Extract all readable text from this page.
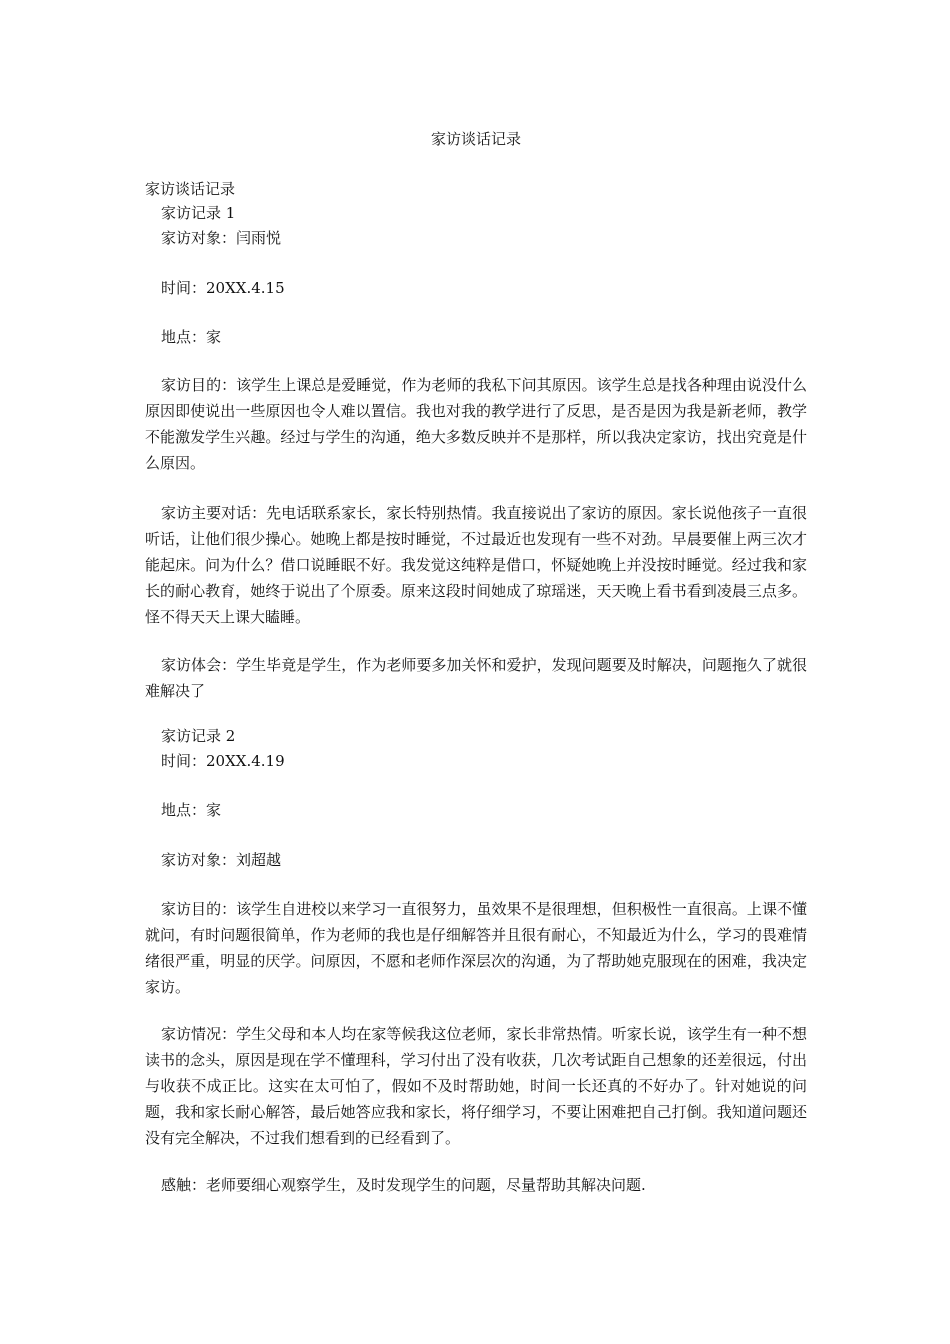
家访谈话记录
家访谈话记录
家访记录 1
家访对象：闫雨悦
时间：20XX.4.15
地点：家
家访目的：该学生上课总是爱睡觉，作为老师的我私下问其原因。该学生总是找各种理由说没什么原因即使说出一些原因也令人难以置信。我也对我的教学进行了反思，是否是因为我是新老师，教学不能激发学生兴趣。经过与学生的沟通，绝大多数反映并不是那样，所以我决定家访，找出究竟是什么原因。
家访主要对话：先电话联系家长，家长特别热情。我直接说出了家访的原因。家长说他孩子一直很听话，让他们很少操心。她晚上都是按时睡觉，不过最近也发现有一些不对劲。早晨要催上两三次才能起床。问为什么？借口说睡眠不好。我发觉这纯粹是借口，怀疑她晚上并没按时睡觉。经过我和家长的耐心教育，她终于说出了个原委。原来这段时间她成了琼瑶迷，天天晚上看书看到凌晨三点多。怪不得天天上课大瞌睡。
家访体会：学生毕竟是学生，作为老师要多加关怀和爱护，发现问题要及时解决，问题拖久了就很难解决了
家访记录 2
时间：20XX.4.19
地点：家
家访对象：刘超越
家访目的：该学生自进校以来学习一直很努力，虽效果不是很理想，但积极性一直很高。上课不懂就问，有时问题很简单，作为老师的我也是仔细解答并且很有耐心，不知最近为什么，学习的畏难情绪很严重，明显的厌学。问原因，不愿和老师作深层次的沟通，为了帮助她克服现在的困难，我决定家访。
家访情况：学生父母和本人均在家等候我这位老师，家长非常热情。听家长说，该学生有一种不想读书的念头，原因是现在学不懂理科，学习付出了没有收获，几次考试距自己想象的还差很远，付出与收获不成正比。这实在太可怕了，假如不及时帮助她，时间一长还真的不好办了。针对她说的问题，我和家长耐心解答，最后她答应我和家长，将仔细学习，不要让困难把自己打倒。我知道问题还没有完全解决，不过我们想看到的已经看到了。
感触：老师要细心观察学生，及时发现学生的问题，尽量帮助其解决问题.
